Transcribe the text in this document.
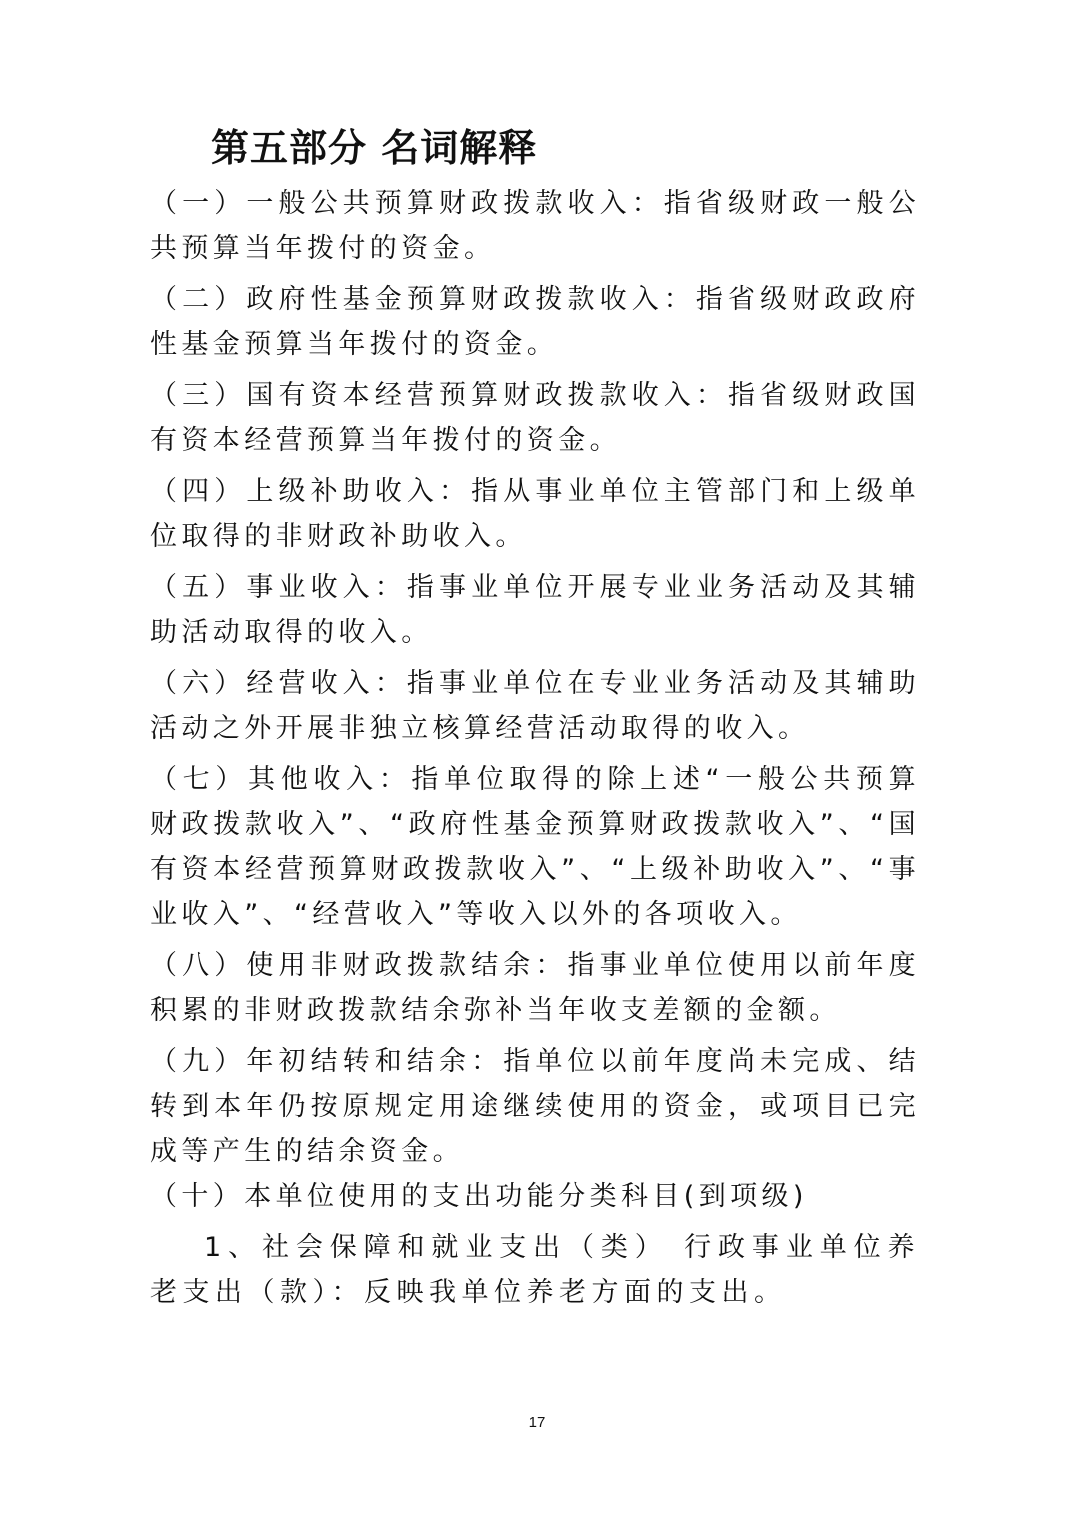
第五部分 名词解释

（一）一般公共预算财政拨款收入：指省级财政一般公共预算当年拨付的资金。

（二）政府性基金预算财政拨款收入：指省级财政政府性基金预算当年拨付的资金。

（三）国有资本经营预算财政拨款收入：指省级财政国有资本经营预算当年拨付的资金。

（四）上级补助收入：指从事业单位主管部门和上级单位取得的非财政补助收入。

（五）事业收入：指事业单位开展专业业务活动及其辅助活动取得的收入。

（六）经营收入：指事业单位在专业业务活动及其辅助活动之外开展非独立核算经营活动取得的收入。

（七）其他收入：指单位取得的除上述“一般公共预算财政拨款收入”、“政府性基金预算财政拨款收入”、“国有资本经营预算财政拨款收入”、“上级补助收入”、“事业收入”、“经营收入”等收入以外的各项收入。

（八）使用非财政拨款结余：指事业单位使用以前年度积累的非财政拨款结余弥补当年收支差额的金额。

（九）年初结转和结余：指单位以前年度尚未完成、结转到本年仍按原规定用途继续使用的资金，或项目已完成等产生的结余资金。

（十）本单位使用的支出功能分类科目(到项级)

1、社会保障和就业支出（类） 行政事业单位养老支出（款）：反映我单位养老方面的支出。

17
